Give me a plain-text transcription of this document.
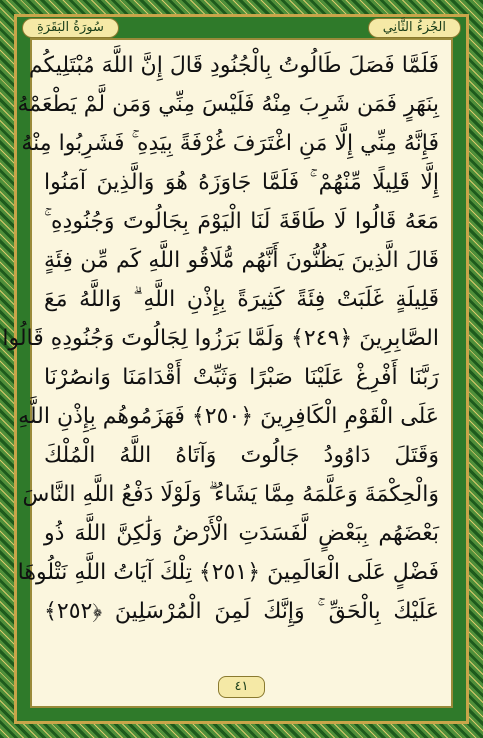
سُورَةُ البَقَرَةِ	الجُزءُ الثَّانِي
فَلَمَّا فَصَلَ طَالُوتُ بِالْجُنُودِ قَالَ إِنَّ اللَّهَ مُبْتَلِيكُم
بِنَهَرٍ فَمَن شَرِبَ مِنْهُ فَلَيْسَ مِنِّي وَمَن لَّمْ يَطْعَمْهُ
فَإِنَّهُ مِنِّي إِلَّا مَنِ اغْتَرَفَ غُرْفَةً بِيَدِهِ ۚ فَشَرِبُوا مِنْهُ
إِلَّا قَلِيلًا مِّنْهُمْ ۚ فَلَمَّا جَاوَزَهُ هُوَ وَالَّذِينَ آمَنُوا
مَعَهُ قَالُوا لَا طَاقَةَ لَنَا الْيَوْمَ بِجَالُوتَ وَجُنُودِهِ ۚ
قَالَ الَّذِينَ يَظُنُّونَ أَنَّهُم مُّلَاقُو اللَّهِ كَم مِّن فِئَةٍ
قَلِيلَةٍ غَلَبَتْ فِئَةً كَثِيرَةً بِإِذْنِ اللَّهِ ۗ وَاللَّهُ مَعَ
الصَّابِرِينَ ﴿٢٤٩﴾ وَلَمَّا بَرَزُوا لِجَالُوتَ وَجُنُودِهِ قَالُوا
رَبَّنَا أَفْرِغْ عَلَيْنَا صَبْرًا وَثَبِّتْ أَقْدَامَنَا وَانصُرْنَا
عَلَى الْقَوْمِ الْكَافِرِينَ ﴿٢٥٠﴾ فَهَزَمُوهُم بِإِذْنِ اللَّهِ
وَقَتَلَ دَاوُودُ جَالُوتَ وَآتَاهُ اللَّهُ الْمُلْكَ
وَالْحِكْمَةَ وَعَلَّمَهُ مِمَّا يَشَاءُ ۗ وَلَوْلَا دَفْعُ اللَّهِ النَّاسَ
بَعْضَهُم بِبَعْضٍ لَّفَسَدَتِ الْأَرْضُ وَلَٰكِنَّ اللَّهَ ذُو
فَضْلٍ عَلَى الْعَالَمِينَ ﴿٢٥١﴾ تِلْكَ آيَاتُ اللَّهِ نَتْلُوهَا
عَلَيْكَ بِالْحَقِّ ۚ وَإِنَّكَ لَمِنَ الْمُرْسَلِينَ ﴿٢٥٢﴾
٤١
